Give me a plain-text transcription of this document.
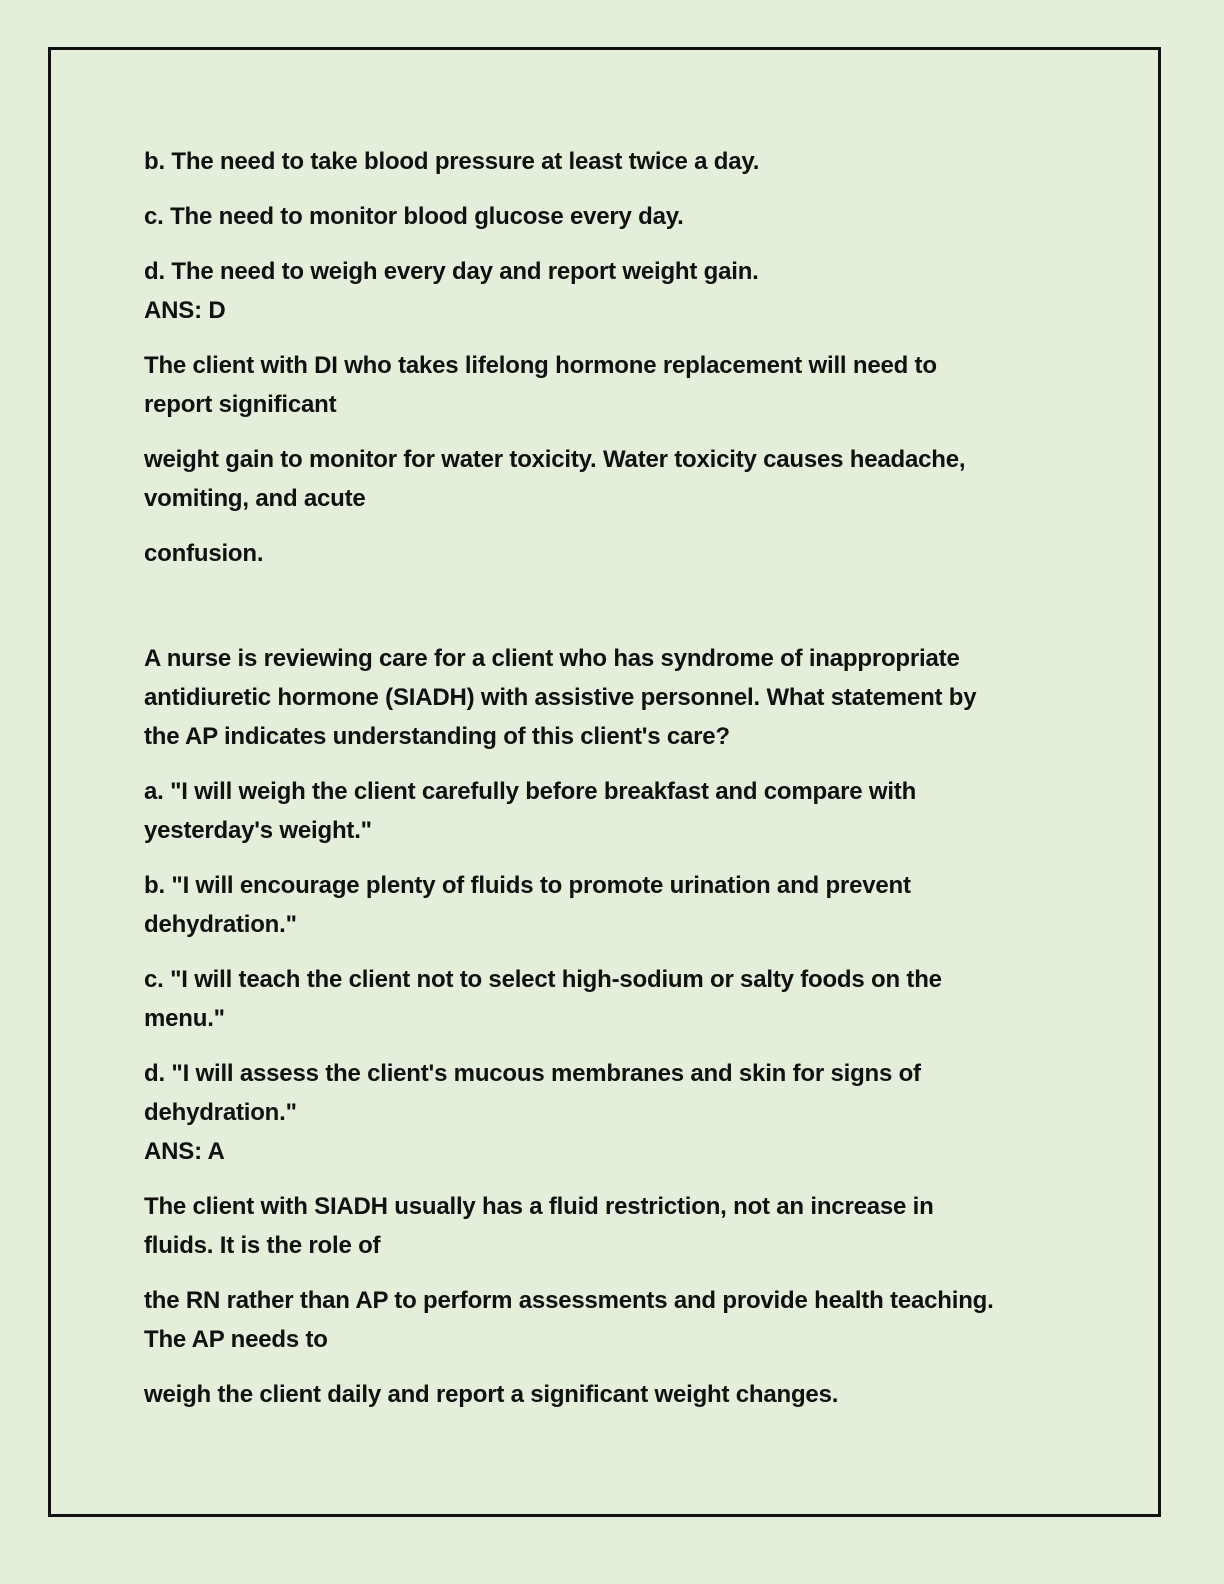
b. The need to take blood pressure at least twice a day.

c. The need to monitor blood glucose every day.

d. The need to weigh every day and report weight gain.

ANS: D

The client with DI who takes lifelong hormone replacement will need to

report significant

weight gain to monitor for water toxicity. Water toxicity causes headache,

vomiting, and acute

confusion.

A nurse is reviewing care for a client who has syndrome of inappropriate

antidiuretic hormone (SIADH) with assistive personnel. What statement by

the AP indicates understanding of this client's care?

a. "I will weigh the client carefully before breakfast and compare with

yesterday's weight."

b. "I will encourage plenty of fluids to promote urination and prevent

dehydration."

c. "I will teach the client not to select high-sodium or salty foods on the

menu."

d. "I will assess the client's mucous membranes and skin for signs of

dehydration."

ANS: A

The client with SIADH usually has a fluid restriction, not an increase in

fluids. It is the role of

the RN rather than AP to perform assessments and provide health teaching.

The AP needs to

weigh the client daily and report a significant weight changes.
